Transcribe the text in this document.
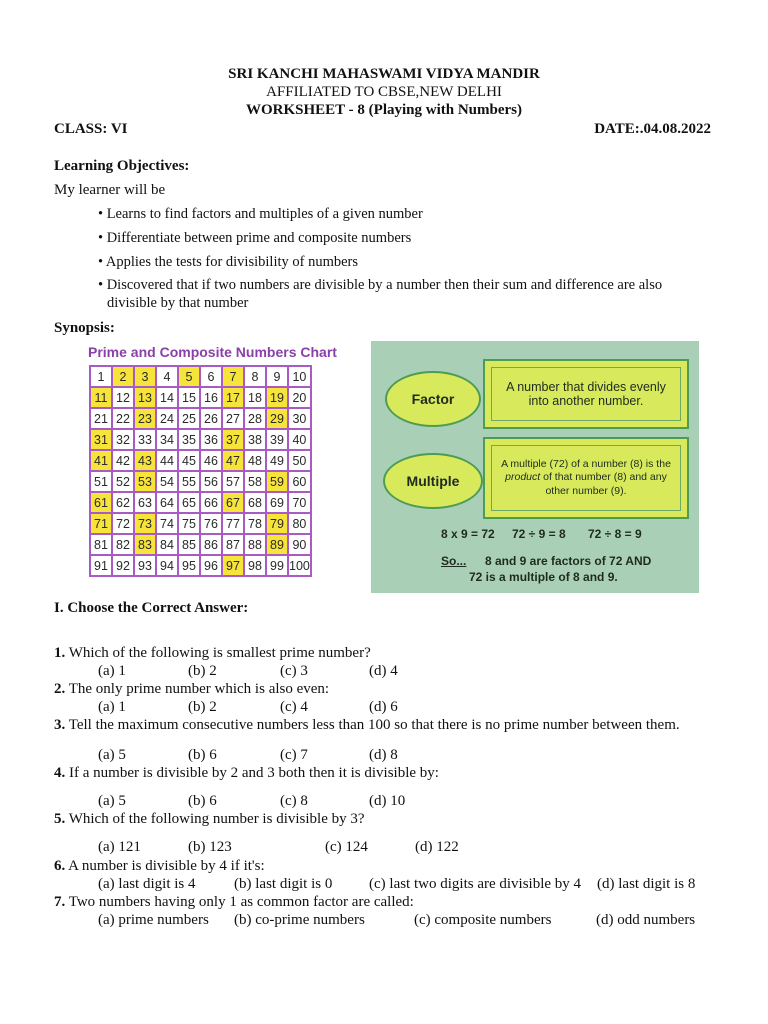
SRI KANCHI MAHASWAMI VIDYA MANDIR
AFFILIATED TO CBSE,NEW DELHI
WORKSHEET - 8 (Playing with Numbers)
CLASS: VI	DATE:.04.08.2022
Learning Objectives:
My learner will be
• Learns to find factors and multiples of a given number
• Differentiate between prime and composite numbers
• Applies the tests for divisibility of numbers
• Discovered that if two numbers are divisible by a number then their sum and difference are also
divisible by that number
Synopsis:
Prime and Composite Numbers Chart
1	2	3	4	5	6	7	8	9	10
11	12	13	14	15	16	17	18	19	20
21	22	23	24	25	26	27	28	29	30
31	32	33	34	35	36	37	38	39	40
41	42	43	44	45	46	47	48	49	50
51	52	53	54	55	56	57	58	59	60
61	62	63	64	65	66	67	68	69	70
71	72	73	74	75	76	77	78	79	80
81	82	83	84	85	86	87	88	89	90
91	92	93	94	95	96	97	98	99	100
Factor
A number that divides evenly into another number.
Multiple
A multiple (72) of a number (8) is the product of that number (8) and any other number (9).
8 x 9 = 72 72 ÷ 9 = 8 72 ÷ 8 = 9
So... 8 and 9 are factors of 72 AND
72 is a multiple of 8 and 9.
I. Choose the Correct Answer:
1. Which of the following is smallest prime number?
(a) 1	(b) 2	(c) 3	(d) 4
2. The only prime number which is also even:
(a) 1	(b) 2	(c) 4	(d) 6
3. Tell the maximum consecutive numbers less than 100 so that there is no prime number between them.
(a) 5	(b) 6	(c) 7	(d) 8
4. If a number is divisible by 2 and 3 both then it is divisible by:
(a) 5	(b) 6	(c) 8	(d) 10
5. Which of the following number is divisible by 3?
(a) 121	(b) 123	(c) 124	(d) 122
6. A number is divisible by 4 if it's:
(a) last digit is 4	(b) last digit is 0 (c) last two digits are divisible by 4 (d) last digit is 8
7. Two numbers having only 1 as common factor are called:
(a) prime numbers (b) co-prime numbers	(c) composite numbers	(d) odd numbers
